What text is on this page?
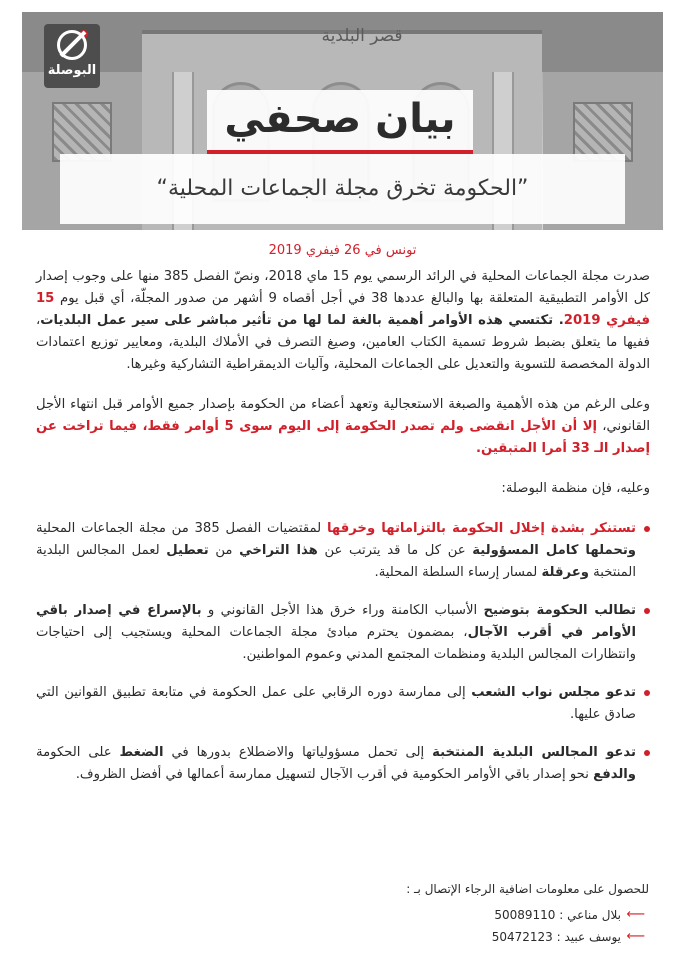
قصر البلدية
البوصلة
بيان صحفي
”الحكومة تخرق مجلة الجماعات المحلية“
تونس في 26 فيفري 2019

صدرت مجلة الجماعات المحلية في الرائد الرسمي يوم 15 ماي 2018، ونصّ الفصل 385 منها على وجوب إصدار كل الأوامر التطبيقية المتعلقة بها والبالغ عددها 38 في أجل أقصاه 9 أشهر من صدور المجلّة، أي قبل يوم 15 فيفري 2019. تكتسي هذه الأوامر أهمية بالغة لما لها من تأثير مباشر على سير عمل البلديات، ففيها ما يتعلق بضبط شروط تسمية الكتاب العامين، وصيغ التصرف في الأملاك البلدية، ومعايير توزيع اعتمادات الدولة المخصصة للتسوية والتعديل على الجماعات المحلية، وآليات الديمقراطية التشاركية وغيرها.

وعلى الرغم من هذه الأهمية والصبغة الاستعجالية وتعهد أعضاء من الحكومة بإصدار جميع الأوامر قبل انتهاء الأجل القانوني، إلا أن الأجل انقضى ولم تصدر الحكومة إلى اليوم سوى 5 أوامر فقط، فيما تراخت عن إصدار الـ 33 أمرا المتبقين.

وعليه، فإن منظمة البوصلة:
تستنكر بشدة إخلال الحكومة بالتزاماتها وخرقها لمقتضيات الفصل 385 من مجلة الجماعات المحلية وتحملها كامل المسؤولية عن كل ما قد يترتب عن هذا التراخي من تعطيل لعمل المجالس البلدية المنتخبة وعرقلة لمسار إرساء السلطة المحلية.
تطالب الحكومة بتوضيح الأسباب الكامنة وراء خرق هذا الأجل القانوني و بالإسراع في إصدار باقي الأوامر في أقرب الآجال، بمضمون يحترم مبادئ مجلة الجماعات المحلية ويستجيب إلى احتياجات وانتظارات المجالس البلدية ومنظمات المجتمع المدني وعموم المواطنين.
تدعو مجلس نواب الشعب إلى ممارسة دوره الرقابي على عمل الحكومة في متابعة تطبيق القوانين التي صادق عليها.
تدعو المجالس البلدية المنتخبة إلى تحمل مسؤولياتها والاضطلاع بدورها في الضغط على الحكومة والدفع نحو إصدار باقي الأوامر الحكومية في أقرب الآجال لتسهيل ممارسة أعمالها في أفضل الظروف.
للحصول على معلومات اضافية الرجاء الإتصال بـ :
⟵
بلال مناعي : 50089110
⟵
يوسف عبيد : 50472123
